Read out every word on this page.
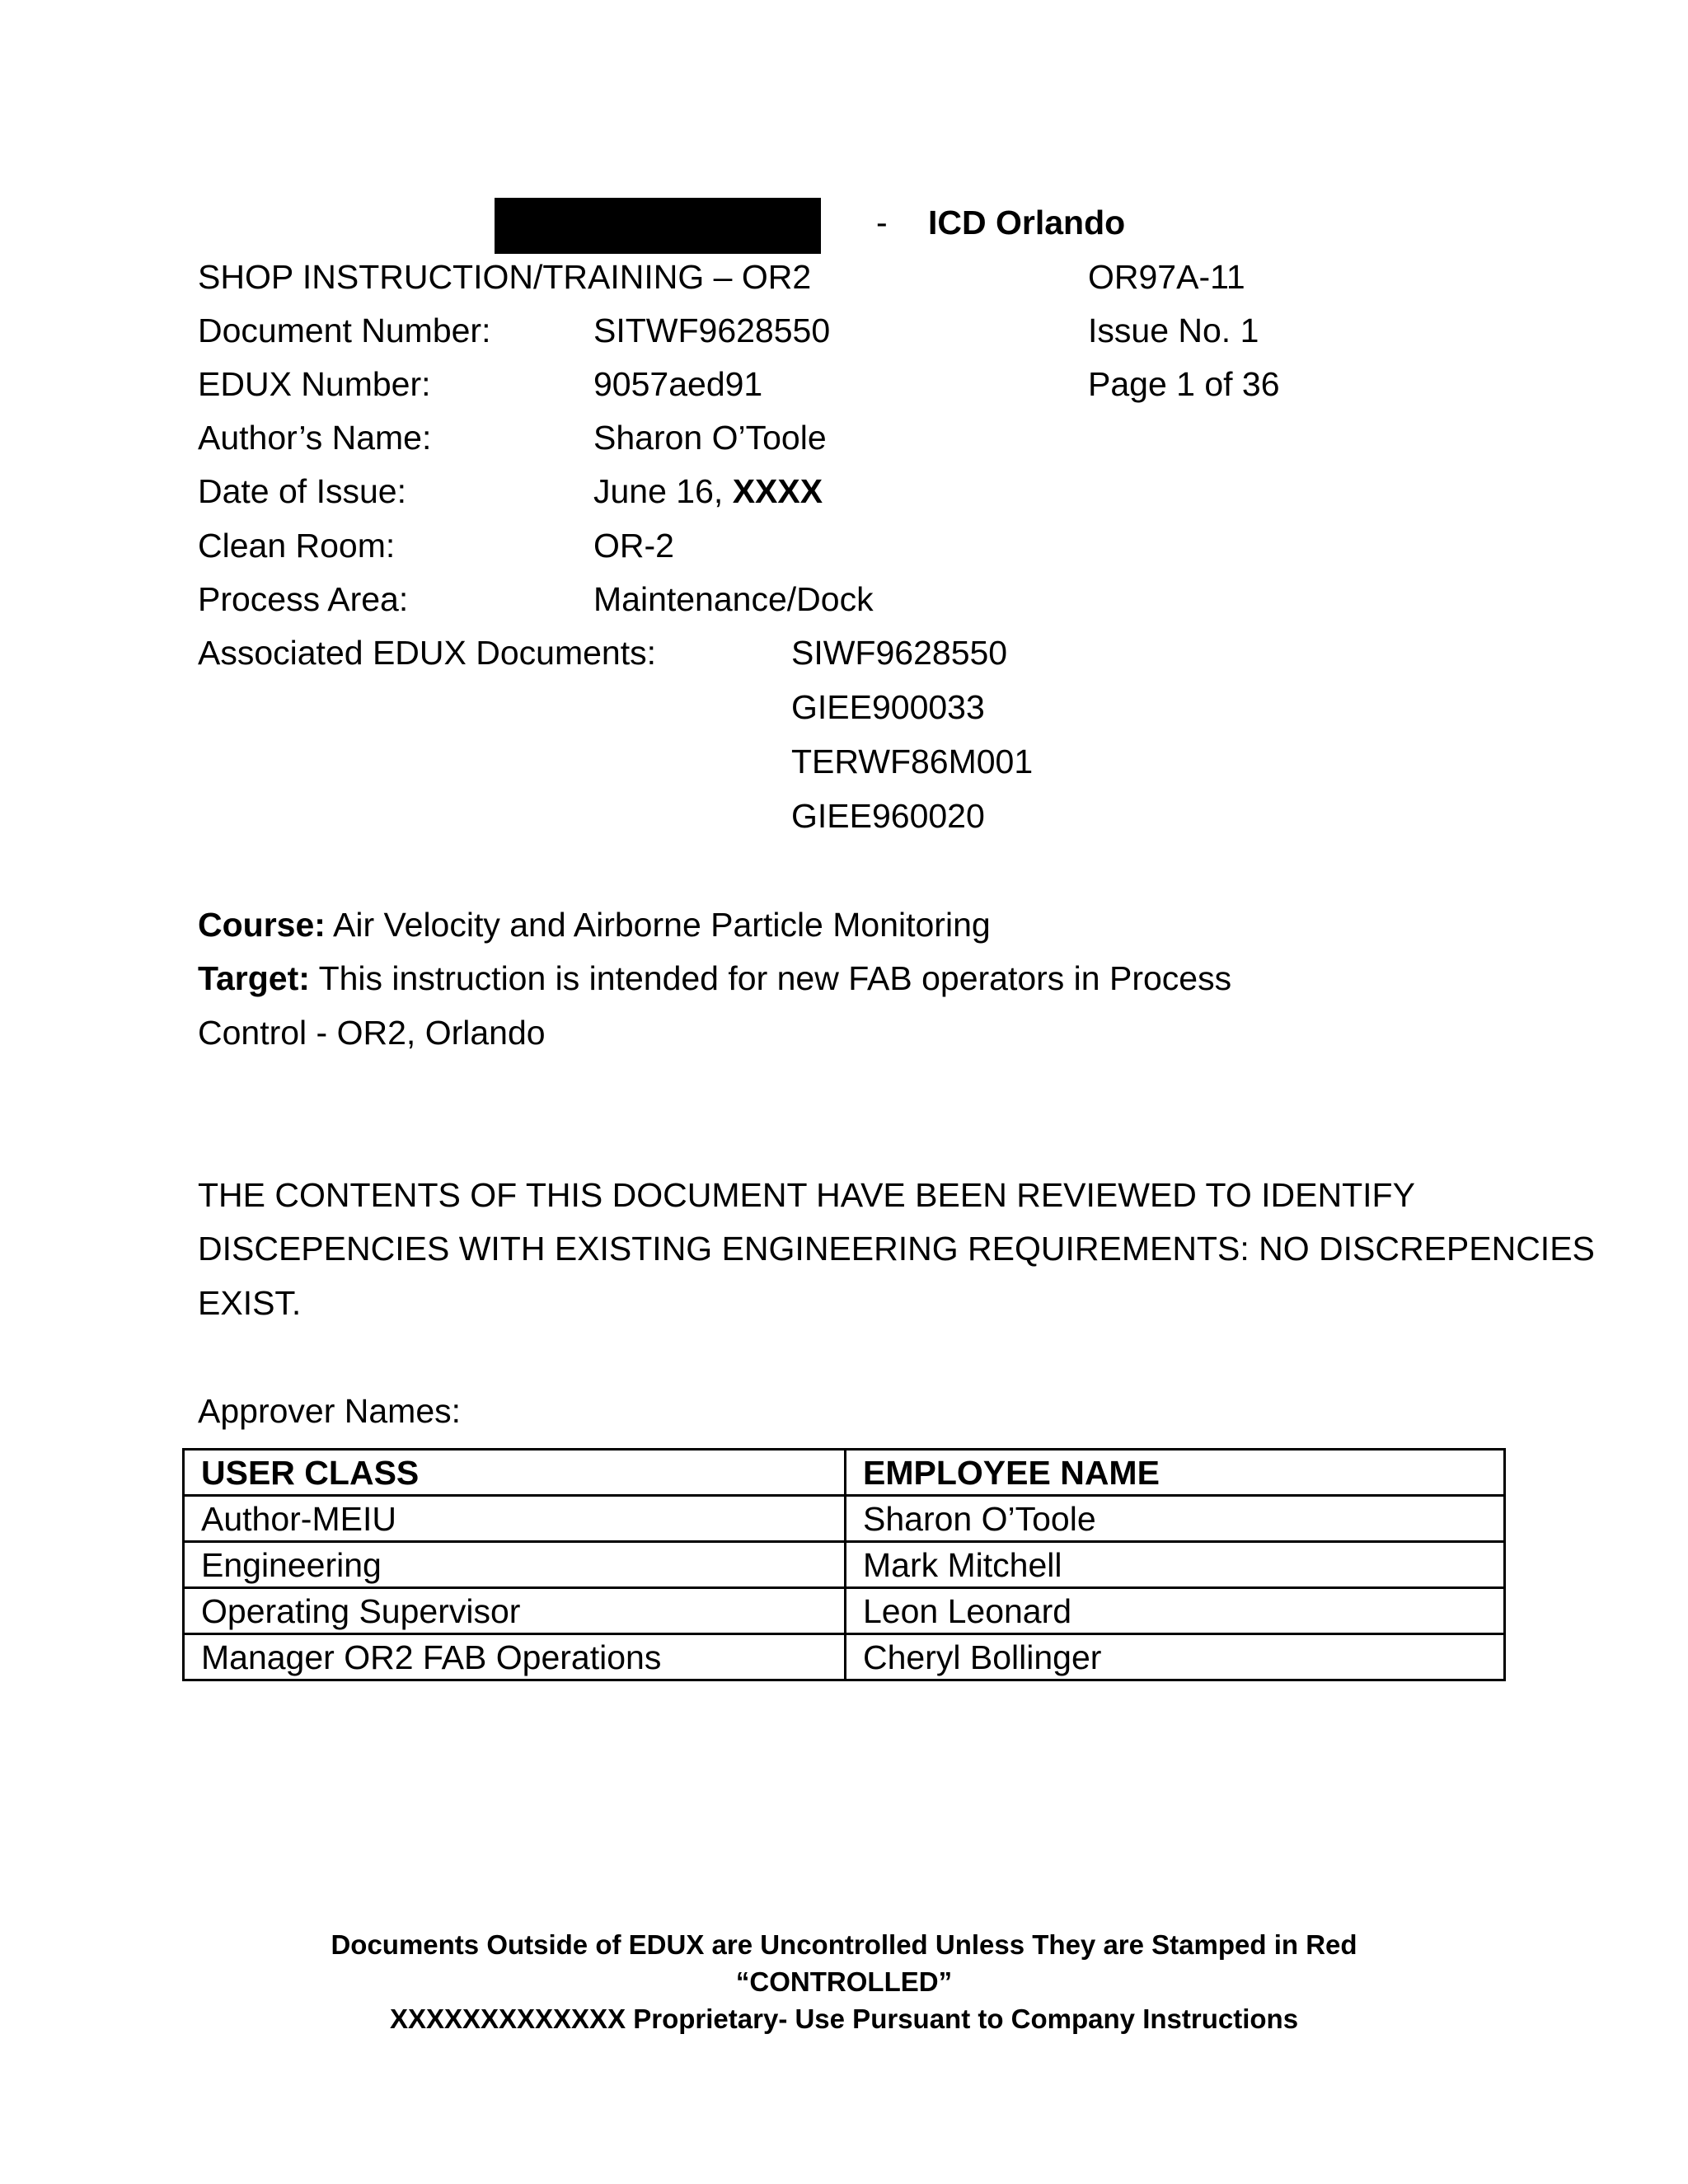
- ICD Orlando
SHOP INSTRUCTION/TRAINING – OR2	OR97A-11
Document Number:	SITWF9628550	Issue No. 1
EDUX Number:	9057aed91	Page 1 of 36
Author’s Name:	Sharon O’Toole
Date of Issue:	June 16, XXXX
Clean Room:	OR-2
Process Area:	Maintenance/Dock
Associated EDUX Documents:	SIWF9628550
GIEE900033
TERWF86M001
GIEE960020
Course: Air Velocity and Airborne Particle Monitoring
Target: This instruction is intended for new FAB operators in Process
Control - OR2, Orlando
THE CONTENTS OF THIS DOCUMENT HAVE BEEN REVIEWED TO IDENTIFY
DISCEPENCIES WITH EXISTING ENGINEERING REQUIREMENTS: NO DISCREPENCIES
EXIST.
Approver Names:
USER CLASS	EMPLOYEE NAME
Author-MEIU	Sharon O’Toole
Engineering	Mark Mitchell
Operating Supervisor	Leon Leonard
Manager OR2 FAB Operations	Cheryl Bollinger
Documents Outside of EDUX are Uncontrolled Unless They are Stamped in Red
“CONTROLLED”
XXXXXXXXXXXXX Proprietary- Use Pursuant to Company Instructions
